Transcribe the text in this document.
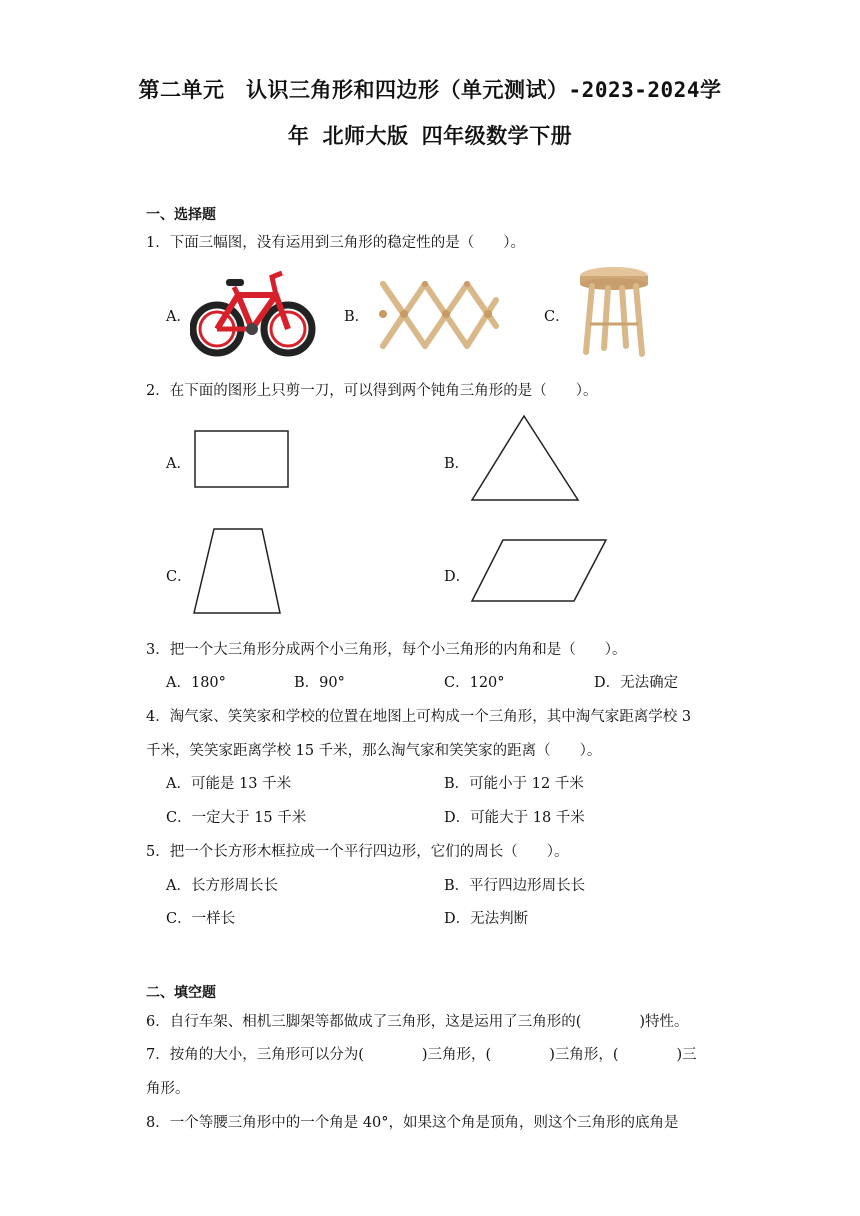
第二单元　认识三角形和四边形（单元测试）-2023-2024学
年 北师大版 四年级数学下册
一、选择题
1．下面三幅图，没有运用到三角形的稳定性的是（　　）。
A．	B．	C．
2．在下面的图形上只剪一刀，可以得到两个钝角三角形的是（　　）。
A．	B．
C．	D．
3．把一个大三角形分成两个小三角形，每个小三角形的内角和是（　　）。
A．180°	B．90°	C．120°	D．无法确定
4．淘气家、笑笑家和学校的位置在地图上可构成一个三角形，其中淘气家距离学校 3
千米，笑笑家距离学校 15 千米，那么淘气家和笑笑家的距离（　　）。
A．可能是 13 千米	B．可能小于 12 千米
C．一定大于 15 千米	D．可能大于 18 千米
5．把一个长方形木框拉成一个平行四边形，它们的周长（　　）。
A．长方形周长长	B．平行四边形周长长
C．一样长	D．无法判断
二、填空题
6．自行车架、相机三脚架等都做成了三角形，这是运用了三角形的(　　　　)特性。
7．按角的大小，三角形可以分为(　　　　)三角形，(　　　　)三角形，(　　　　)三
角形。
8．一个等腰三角形中的一个角是 40°，如果这个角是顶角，则这个三角形的底角是
